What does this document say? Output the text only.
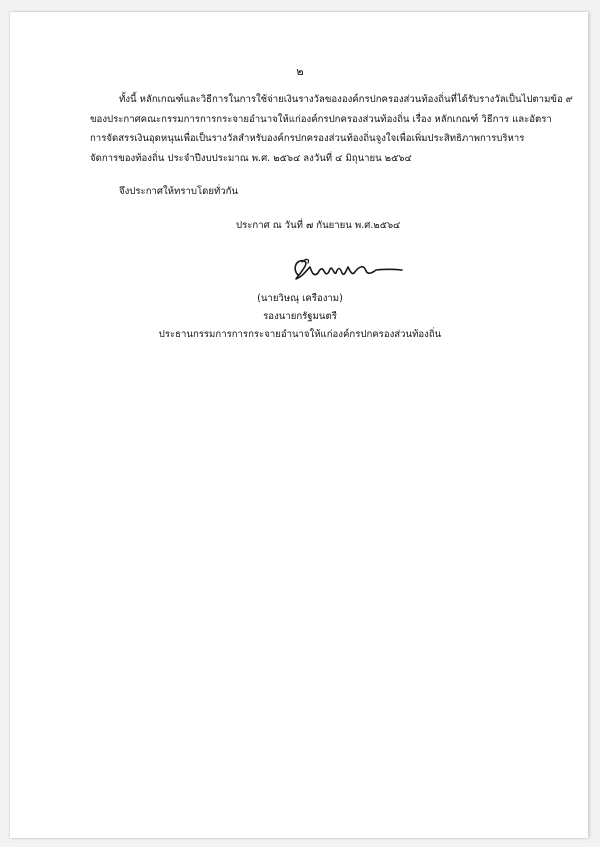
๒
ทั้งนี้ หลักเกณฑ์และวิธีการในการใช้จ่ายเงินรางวัลขององค์กรปกครองส่วนท้องถิ่นที่ได้รับรางวัลเป็นไปตามข้อ ๙
ของประกาศคณะกรรมการการกระจายอำนาจให้แก่องค์กรปกครองส่วนท้องถิ่น เรื่อง หลักเกณฑ์ วิธีการ และอัตรา
การจัดสรรเงินอุดหนุนเพื่อเป็นรางวัลสำหรับองค์กรปกครองส่วนท้องถิ่นจูงใจเพื่อเพิ่มประสิทธิภาพการบริหาร
จัดการของท้องถิ่น ประจำปีงบประมาณ พ.ศ. ๒๕๖๔ ลงวันที่ ๔ มิถุนายน ๒๕๖๔
จึงประกาศให้ทราบโดยทั่วกัน
ประกาศ ณ วันที่ ๗ กันยายน พ.ศ.๒๕๖๔
(นายวิษณุ เครืองาม)
รองนายกรัฐมนตรี
ประธานกรรมการการกระจายอำนาจให้แก่องค์กรปกครองส่วนท้องถิ่น
